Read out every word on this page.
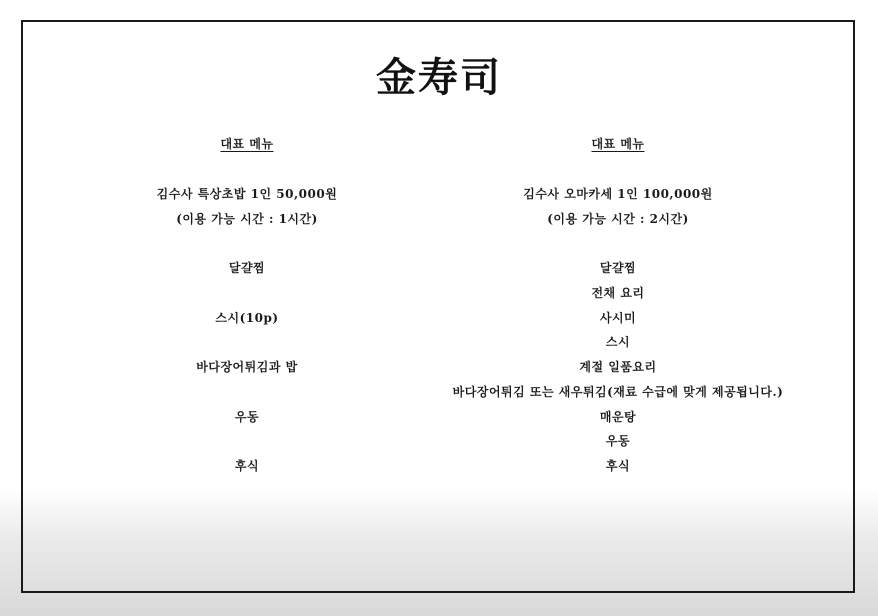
金寿司
대표 메뉴
김수사 특상초밥 1인 50,000원
(이용 가능 시간 : 1시간)
달걀찜
스시(10p)
바다장어튀김과 밥
우동
후식
대표 메뉴
김수사 오마카세 1인 100,000원
(이용 가능 시간 : 2시간)
달걀찜
전채 요리
사시미
스시
계절 일품요리
바다장어튀김 또는 새우튀김(재료 수급에 맞게 제공됩니다.)
매운탕
우동
후식
